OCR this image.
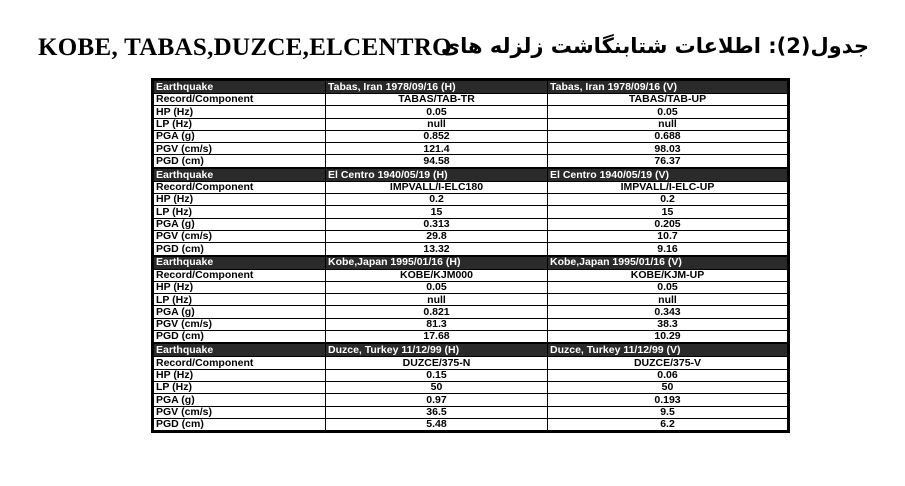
KOBE, TABAS,DUZCE,ELCENTRO
جدول(2): اطلاعات شتابنگاشت زلزله های
Earthquake	Tabas, Iran 1978/09/16 (H)	Tabas, Iran 1978/09/16 (V)
Record/Component	TABAS/TAB-TR	TABAS/TAB-UP
HP (Hz)	0.05	0.05
LP (Hz)	null	null
PGA (g)	0.852	0.688
PGV (cm/s)	121.4	98.03
PGD (cm)	94.58	76.37
Earthquake	El Centro 1940/05/19 (H)	El Centro 1940/05/19 (V)
Record/Component	IMPVALL/I-ELC180	IMPVALL/I-ELC-UP
HP (Hz)	0.2	0.2
LP (Hz)	15	15
PGA (g)	0.313	0.205
PGV (cm/s)	29.8	10.7
PGD (cm)	13.32	9.16
Earthquake	Kobe,Japan 1995/01/16 (H)	Kobe,Japan 1995/01/16 (V)
Record/Component	KOBE/KJM000	KOBE/KJM-UP
HP (Hz)	0.05	0.05
LP (Hz)	null	null
PGA (g)	0.821	0.343
PGV (cm/s)	81.3	38.3
PGD (cm)	17.68	10.29
Earthquake	Duzce, Turkey 11/12/99 (H)	Duzce, Turkey 11/12/99 (V)
Record/Component	DUZCE/375-N	DUZCE/375-V
HP (Hz)	0.15	0.06
LP (Hz)	50	50
PGA (g)	0.97	0.193
PGV (cm/s)	36.5	9.5
PGD (cm)	5.48	6.2
